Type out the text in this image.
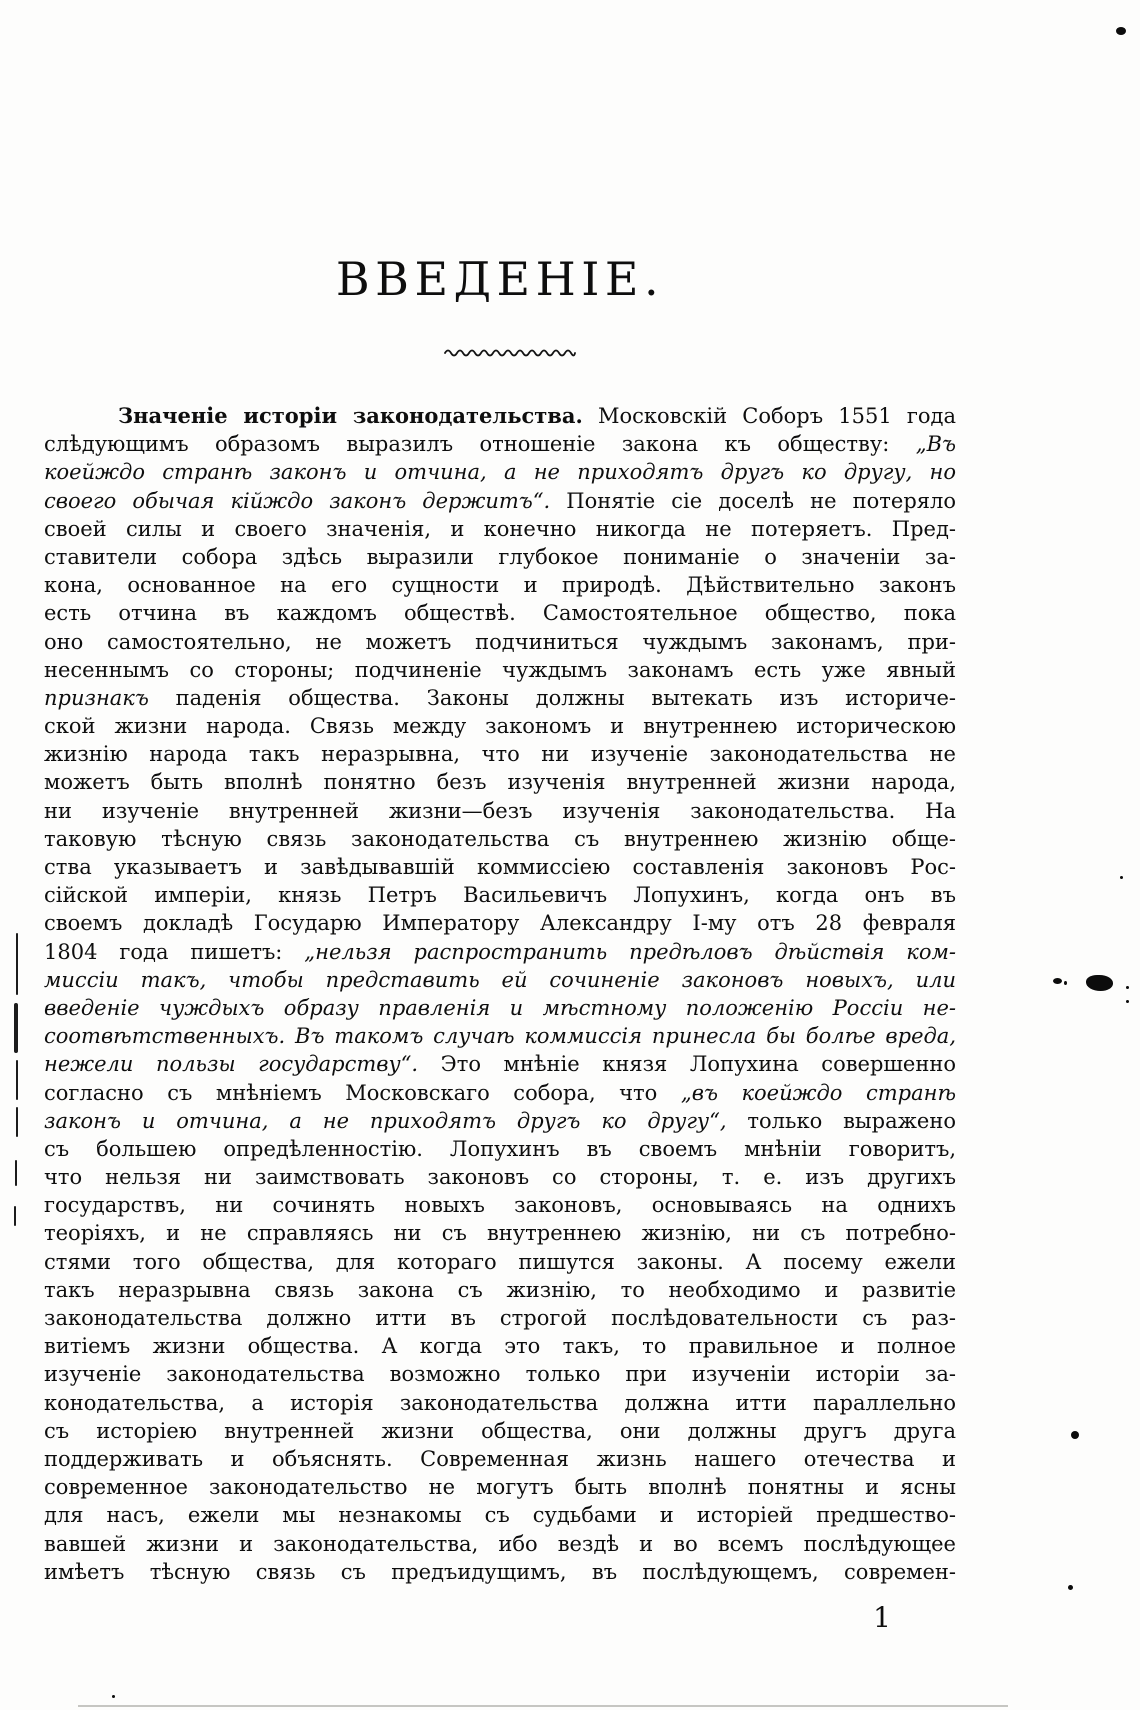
ВВЕДЕНІЕ.
Значеніе исторіи законодательства. Московскій Соборъ 1551 года
слѣдующимъ образомъ выразилъ отношеніе закона къ обществу: „Въ
коейждо странѣ законъ и отчина, а не приходятъ другъ ко другу, но
своего обычая кійждо законъ держитъ“. Понятіе сіе доселѣ не потеряло
своей силы и своего значенія, и конечно никогда не потеряетъ. Пред-
ставители собора здѣсь выразили глубокое пониманіе о значеніи за-
кона, основанное на его сущности и природѣ. Дѣйствительно законъ
есть отчина въ каждомъ обществѣ. Самостоятельное общество, пока
оно самостоятельно, не можетъ подчиниться чуждымъ законамъ, при-
несеннымъ со стороны; подчиненіе чуждымъ законамъ есть уже явный
признакъ паденія общества. Законы должны вытекать изъ историче-
ской жизни народа. Связь между закономъ и внутреннею историческою
жизнію народа такъ неразрывна, что ни изученіе законодательства не
можетъ быть вполнѣ понятно безъ изученія внутренней жизни народа,
ни изученіе внутренней жизни—безъ изученія законодательства. На
таковую тѣсную связь законодательства съ внутреннею жизнію обще-
ства указываетъ и завѣдывавшій коммиссіею составленія законовъ Рос-
сійской имперіи, князь Петръ Васильевичъ Лопухинъ, когда онъ въ
своемъ докладѣ Государю Императору Александру I-му отъ 28 февраля
1804 года пишетъ: „нельзя распространить предѣловъ дѣйствія ком-
миссіи такъ, чтобы представить ей сочиненіе законовъ новыхъ, или
введеніе чуждыхъ образу правленія и мѣстному положенію Россіи не-
соотвѣтственныхъ. Въ такомъ случаѣ коммиссія принесла бы болѣе вреда,
нежели пользы государству“. Это мнѣніе князя Лопухина совершенно
согласно съ мнѣніемъ Московскаго собора, что „въ коейждо странѣ
законъ и отчина, а не приходятъ другъ ко другу“, только выражено
съ большею опредѣленностію. Лопухинъ въ своемъ мнѣніи говоритъ,
что нельзя ни заимствовать законовъ со стороны, т. е. изъ другихъ
государствъ, ни сочинять новыхъ законовъ, основываясь на однихъ
теоріяхъ, и не справляясь ни съ внутреннею жизнію, ни съ потребно-
стями того общества, для котораго пишутся законы. А посему ежели
такъ неразрывна связь закона съ жизнію, то необходимо и развитіе
законодательства должно итти въ строгой послѣдовательности съ раз-
витіемъ жизни общества. А когда это такъ, то правильное и полное
изученіе законодательства возможно только при изученіи исторіи за-
конодательства, а исторія законодательства должна итти параллельно
съ исторіею внутренней жизни общества, они должны другъ друга
поддерживать и объяснять. Современная жизнь нашего отечества и
современное законодательство не могутъ быть вполнѣ понятны и ясны
для насъ, ежели мы незнакомы съ судьбами и исторіей предшество-
вавшей жизни и законодательства, ибо вездѣ и во всемъ послѣдующее
имѣетъ тѣсную связь съ предъидущимъ, въ послѣдующемъ, современ-
1
